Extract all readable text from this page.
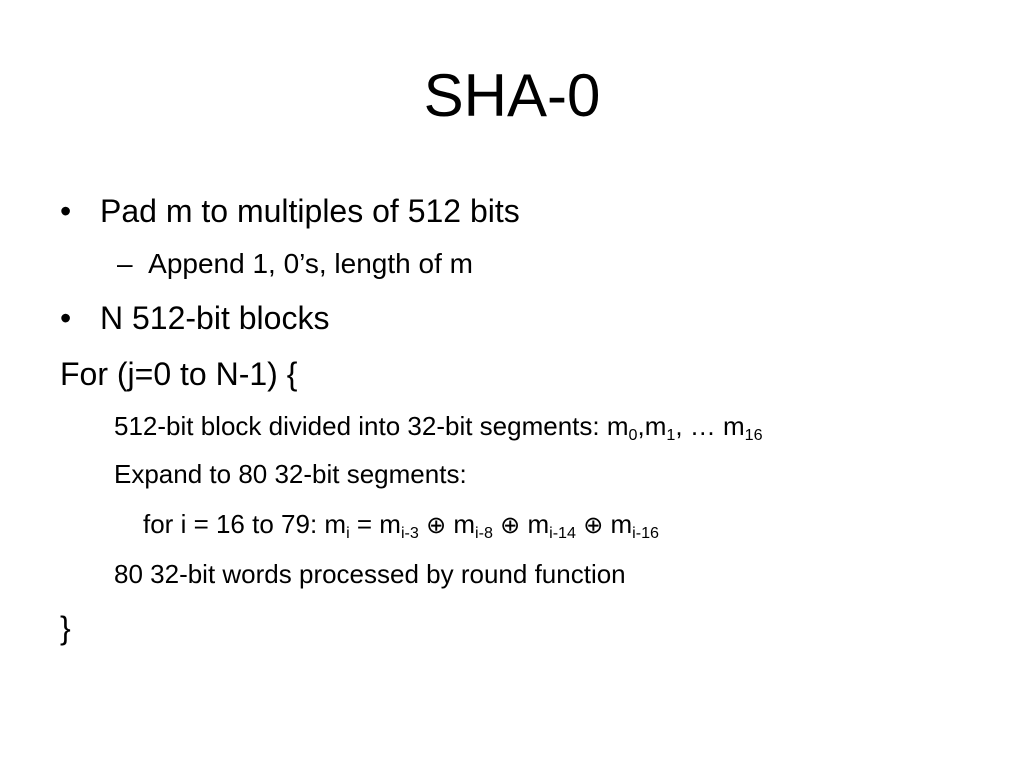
SHA-0
• Pad m to multiples of 512 bits
– Append 1, 0’s, length of m
• N 512-bit blocks
For (j=0 to N-1) {
512-bit block divided into 32-bit segments: $m_0,m_1$, … $m_{16}$
Expand to 80 32-bit segments:
for i = 16 to 79: $m_i = m_{i-3}$ ⊕ $m_{i-8}$ ⊕ $m_{i-14}$ ⊕ $m_{i-16}$
80 32-bit words processed by round function
}
